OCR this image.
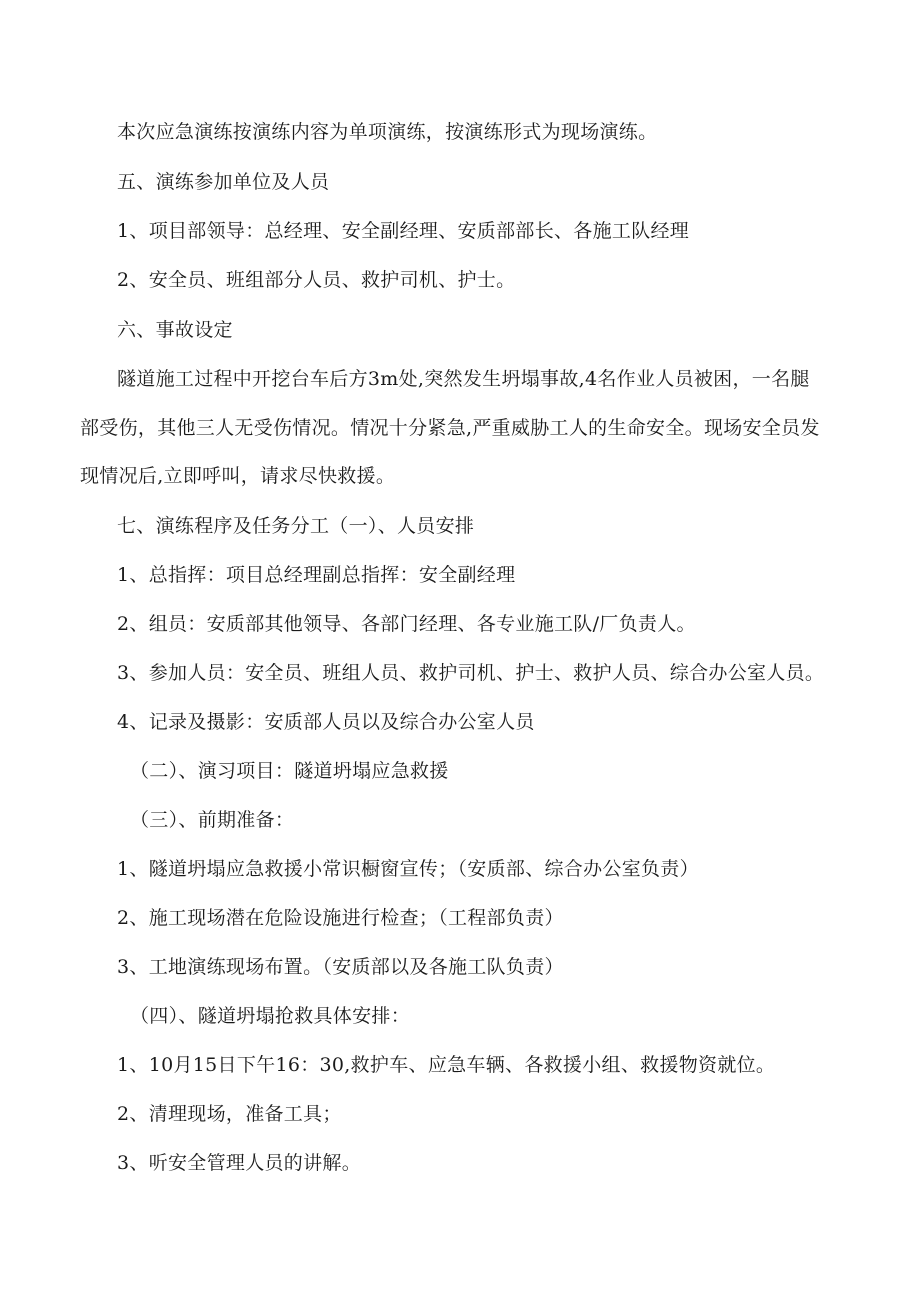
本次应急演练按演练内容为单项演练，按演练形式为现场演练。
五、演练参加单位及人员
1、项目部领导：总经理、安全副经理、安质部部长、各施工队经理
2、安全员、班组部分人员、救护司机、护士。
六、事故设定
隧道施工过程中开挖台车后方3m处,突然发生坍塌事故,4名作业人员被困，一名腿
部受伤，其他三人无受伤情况。情况十分紧急,严重威胁工人的生命安全。现场安全员发
现情况后,立即呼叫，请求尽快救援。
七、演练程序及任务分工（一）、人员安排
1、总指挥：项目总经理副总指挥：安全副经理
2、组员：安质部其他领导、各部门经理、各专业施工队/厂负责人。
3、参加人员：安全员、班组人员、救护司机、护士、救护人员、综合办公室人员。
4、记录及摄影：安质部人员以及综合办公室人员
（二）、演习项目：隧道坍塌应急救援
（三）、前期准备：
1、隧道坍塌应急救援小常识橱窗宣传；（安质部、综合办公室负责）
2、施工现场潜在危险设施进行检查；（工程部负责）
3、工地演练现场布置。（安质部以及各施工队负责）
（四）、隧道坍塌抢救具体安排：
1、10月15日下午16：30,救护车、应急车辆、各救援小组、救援物资就位。
2、清理现场，准备工具；
3、听安全管理人员的讲解。
